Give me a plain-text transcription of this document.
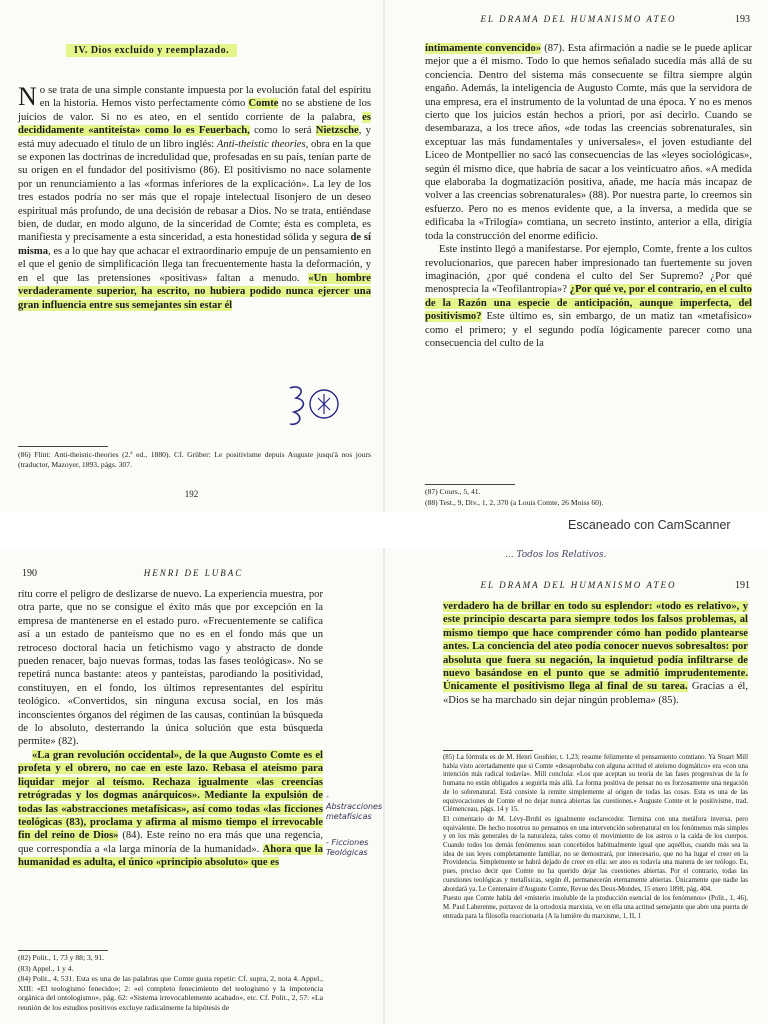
IV. Dios excluído y reemplazado.

No se trata de una simple constante impuesta por la evolución fatal del espíritu en la historia. Hemos visto perfectamente cómo Comte no se abstiene de los juicios de valor. Si no es ateo, en el sentido corriente de la palabra, es decididamente «antiteísta» como lo es Feuerbach, como lo será Nietzsche, y está muy adecuado el título de un libro inglés: Anti-theistic theories, obra en la que se exponen las doctrinas de incredulidad que, profesadas en su país, tenían parte de su origen en el fundador del positivismo (86). El positivismo no nace solamente por un renunciamiento a las «formas inferiores de la explicación». La ley de los tres estados podría no ser más que el ropaje intelectual lisonjero de un deseo espiritual más profundo, de una decisión de rebasar a Dios. No se trata, entiéndase bien, de dudar, en modo alguno, de la sinceridad de Comte; ésta es completa, es manifiesta y precisamente a esta sinceridad, a esta honestidad sólida y segura de sí misma, es a lo que hay que achacar el extraordinario empuje de un pensamiento en el que el genio de simplificación llega tan frecuentemente hasta la deformación, y en el que las pretensiones «positivas» faltan a menudo. «Un hombre verdaderamente superior, ha escrito, no hubiera podido nunca ejercer una gran influencia entre sus semejantes sin estar él

(86) Flint: Anti-theistic-theories (2.ª ed., 1880). Cf. Grüber: Le positivisme depuis Auguste jusqu'à nos jours (traductor, Mazoyer, 1893, págs. 307.
192
EL DRAMA DEL HUMANISMO ATEO	193

íntimamente convencido» (87). Esta afirmación a nadie se le puede aplicar mejor que a él mismo. Todo lo que hemos señalado sucedía más allá de su conciencia. Dentro del sistema más consecuente se filtra siempre algún engaño. Además, la inteligencia de Augusto Comte, más que la servidora de una empresa, era el instrumento de la voluntad de una época. Y no es menos cierto que los juicios están hechos a priori, por así decirlo. Cuando se desembaraza, a los trece años, «de todas las creencias sobrenaturales, sin exceptuar las más fundamentales y universales», el joven estudiante del Liceo de Montpellier no sacó las consecuencias de las «leyes sociológicas», según él mismo dice, que habría de sacar a los veinticuatro años. «A medida que elaboraba la dogmatización positiva, añade, me hacía más incapaz de volver a las creencias sobrenaturales» (88). Por nuestra parte, lo creemos sin esfuerzo. Pero no es menos evidente que, a la inversa, a medida que se edificaba la «Trilogía» comtiana, un secreto instinto, anterior a ella, dirigía toda la construcción del enorme edificio.

Este instinto llegó a manifestarse. Por ejemplo, Comte, frente a los cultos revolucionarios, que parecen haber impresionado tan fuertemente su joven imaginación, ¿por qué condena el culto del Ser Supremo? ¿Por qué menosprecia la «Teofilantropía»? ¿Por qué ve, por el contrario, en el culto de la Razón una especie de anticipación, aunque imperfecta, del positivismo? Este último es, sin embargo, de un matiz tan «metafísico» como el primero; y el segundo podía lógicamente parecer como una consecuencia del culto de la

(87) Cours., 5, 41.
(88) Test., 9, Div., 1, 2, 370 (a Louis Comte, 26 Moiss 60).
Escaneado con CamScanner
190	HENRI DE LUBAC

ritu corre el peligro de deslizarse de nuevo. La experiencia muestra, por otra parte, que no se consigue el éxito más que por excepción en la empresa de mantenerse en el estado puro. «Frecuentemente se califica así a un estado de panteísmo que no es en el fondo más que un retroceso doctoral hacia un fetichismo vago y abstracto de donde pueden renacer, bajo nuevas formas, todas las fases teológicas». No se repetirá nunca bastante: ateos y panteístas, parodiando la positividad, constituyen, en el fondo, los últimos representantes del espíritu teológico. «Convertidos, sin ninguna excusa social, en los más inconscientes órganos del régimen de las causas, continúan la búsqueda de lo absoluto, desterrando la única solución que esta búsqueda permite» (82).

«La gran revolución occidental», de la que Augusto Comte es el profeta y el obrero, no cae en este lazo. Rebasa el ateísmo para liquidar mejor al teísmo. Rechaza igualmente «las creencias retrógradas y los dogmas anárquicos». Mediante la expulsión de todas las «abstracciones metafísicas», así como todas «las ficciones teológicas (83), proclama y afirma al mismo tiempo el irrevocable fin del reino de Dios» (84). Este reino no era más que una regencia, que correspondía a «la larga minoría de la humanidad». Ahora que la humanidad es adulta, el único «principio absoluto» que es

- Abstracciones metafísicas
- Ficciones Teológicas
(82) Polit., 1, 73 y 88; 3, 91.
(83) Appel., 1 y 4.
(84) Polit., 4, 531. Esta es una de las palabras que Comte gusta repetir: Cf. supra, 2, nota 4. Appel., XIII: «El teologismo fenecido»; 2: «el completo fenecimiento del teologismo y la impotencia orgánica del ontologismo», pág. 62: «Sistema irrevocablemente acabado», etc. Cf. Polit., 2, 57: «La reunión de los estudios positivos excluye radicalmente la hipótesis de
... Todos los Relativos.
EL DRAMA DEL HUMANISMO ATEO	191

verdadero ha de brillar en todo su esplendor: «todo es relativo», y este principio descarta para siempre todos los falsos problemas, al mismo tiempo que hace comprender cómo han podido plantearse antes. La conciencia del ateo podía conocer nuevos sobresaltos: por absoluta que fuera su negación, la inquietud podía infiltrarse de nuevo basándose en el punto que se admitió imprudentemente. Únicamente el positivismo llega al final de su tarea. Gracias a él, «Dios se ha marchado sin dejar ningún problema» (85).

(85) La fórmula es de M. Henri Gouhier, t. 1,23; resume felizmente el pensamiento comtiano. Ya Stuart Mill había visto acertadamente que si Comte «desaprobaba con alguna acritud el ateísmo dogmático» era «con una intención más radical todavía». Mill concluía: «Los que aceptan su teoría de las fases progresivas de la fe humana no están obligados a seguirla más allá. La forma positiva de pensar no es forzosamente una negación de lo sobrenatural. Está consiste la remite simplemente al origen de todas las cosas. Esta es una de las equivocaciones de Comte el no dejar nunca abiertas las cuestiones.» Auguste Comte et le positivisme, trad. Clémenceau, págs. 14 y 15.
El comentario de M. Lévy-Bruhl es igualmente esclarecedor. Termina con una metáfora inversa, pero equivalente. De hecho nosotros no pensamos en una intervención sobrenatural en los fenómenos más simples y en los más generales de la naturaleza, tales como el movimiento de los astros o la caída de los cuerpos. Cuando todos los demás fenómenos sean concebidos habitualmente igual que aquéllos, cuando más sea la idea de sus leyes completamente familiar, no se demostrará, por innecesario, que no ha lugar el creer en la Providencia. Simplemente se habrá dejado de creer en ella: ser ateo es todavía una manera de ser teólogo. Es, pues, preciso decir que Comte no ha querido dejar las cuestiones abiertas. Por el contrario, todas las cuestiones teológicas y metafísicas, según él, permanecerán eternamente abiertas. Únicamente que nadie las abordará ya. Le Centenaire d'Auguste Comte, Revue des Deux-Mondes, 15 enero 1898, pág. 404.
Puesto que Comte habla del «misterio insoluble de la producción esencial de los fenómenos» (Polit., 1, 46), M. Paul Laberenne, portavoz de la ortodoxia marxista, ve en ella una actitud semejante que abre una puerta de entrada para la filosofía reaccionaria (A la lumière du marxisme, 1, II, 1
